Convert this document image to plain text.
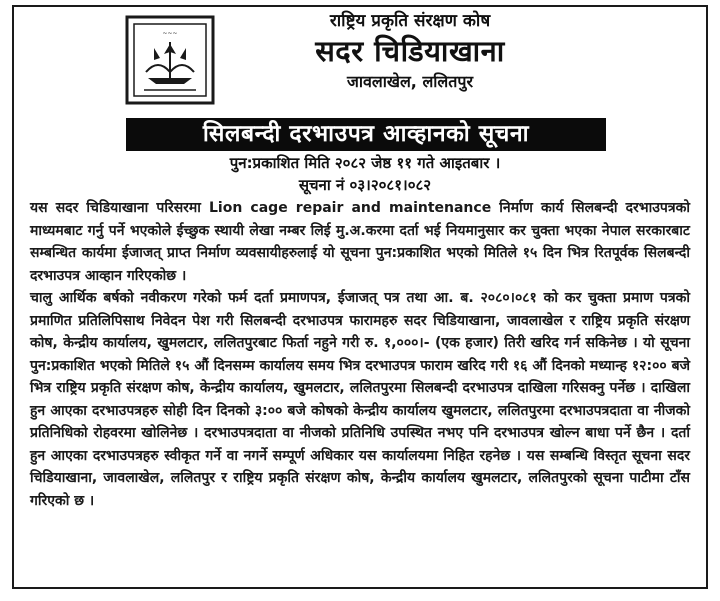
~~~
राष्ट्रिय प्रकृति संरक्षण कोष
सदर चिडियाखाना
जावलाखेल, ललितपुर
सिलबन्दी दरभाउपत्र आव्हानको सूचना
पुन:प्रकाशित मिति २०८२ जेष्ठ ११ गते आइतबार ।
सूचना नं ०३।२०८१।०८२

यस सदर चिडियाखाना परिसरमा Lion cage repair and maintenance निर्माण कार्य सिलबन्दी दरभाउपत्रको माध्यमबाट गर्नु पर्ने भएकोले ईच्छुक स्थायी लेखा नम्बर लिई मु.अ.करमा दर्ता भई नियमानुसार कर चुक्ता भएका नेपाल सरकारबाट सम्बन्धित कार्यमा ईजाजत् प्राप्त निर्माण व्यवसायीहरुलाई यो सूचना पुन:प्रकाशित भएको मितिले १५ दिन भित्र रितपूर्वक सिलबन्दी दरभाउपत्र आव्हान गरिएकोछ ।

चालु आर्थिक बर्षको नवीकरण गरेको फर्म दर्ता प्रमाणपत्र, ईजाजत् पत्र तथा आ. ब. २०८०।०८१ को कर चुक्ता प्रमाण पत्रको प्रमाणित प्रतिलिपिसाथ निवेदन पेश गरी सिलबन्दी दरभाउपत्र फारामहरु सदर चिडियाखाना, जावलाखेल र राष्ट्रिय प्रकृति संरक्षण कोष, केन्द्रीय कार्यालय, खुमलटार, ललितपुरबाट फिर्ता नहुने गरी रु. १,०००।- (एक हजार) तिरी खरिद गर्न सकिनेछ । यो सूचना पुन:प्रकाशित भएको मितिले १५ औं दिनसम्म कार्यालय समय भित्र दरभाउपत्र फाराम खरिद गरी १६ औं दिनको मध्यान्ह १२:०० बजे भित्र राष्ट्रिय प्रकृति संरक्षण कोष, केन्द्रीय कार्यालय, खुमलटार, ललितपुरमा सिलबन्दी दरभाउपत्र दाखिला गरिसक्नु पर्नेछ । दाखिला हुन आएका दरभाउपत्रहरु सोही दिन दिनको ३:०० बजे कोषको केन्द्रीय कार्यालय खुमलटार, ललितपुरमा दरभाउपत्रदाता वा नीजको प्रतिनिधिको रोहवरमा खोलिनेछ । दरभाउपत्रदाता वा नीजको प्रतिनिधि उपस्थित नभए पनि दरभाउपत्र खोल्न बाधा पर्ने छैन । दर्ता हुन आएका दरभाउपत्रहरु स्वीकृत गर्ने वा नगर्ने सम्पूर्ण अधिकार यस कार्यालयमा निहित रहनेछ । यस सम्बन्धि विस्तृत सूचना सदर चिडियाखाना, जावलाखेल, ललितपुर र राष्ट्रिय प्रकृति संरक्षण कोष, केन्द्रीय कार्यालय खुमलटार, ललितपुरको सूचना पाटीमा टाँस गरिएको छ ।
